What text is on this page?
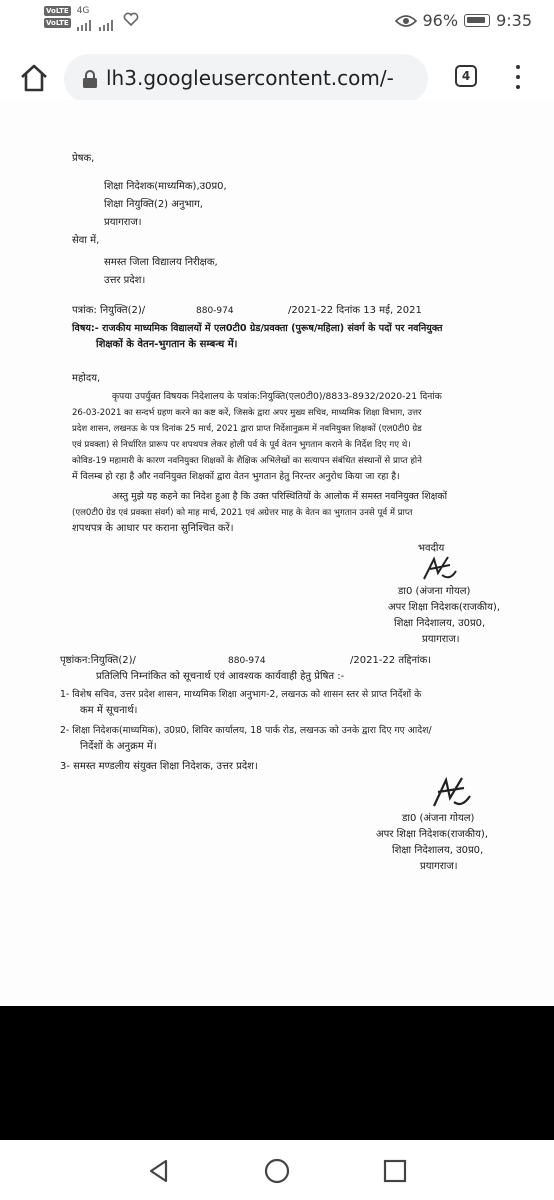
VoLTE
VoLTE
4G	96% 9:35
lh3.googleusercontent.com/-	4
प्रेषक,
शिक्षा निदेशक(माध्यमिक),उ0प्र0,
शिक्षा नियुक्ति(2) अनुभाग,
प्रयागराज।
सेवा में,
समस्त जिला विद्यालय निरीक्षक,
उत्तर प्रदेश।
पत्रांक: नियुक्ति(2)/	880-974	/2021-22 दिनांक 13 मई, 2021
विषय:- राजकीय माध्यमिक विद्यालयों में एल0टी0 ग्रेड/प्रवक्ता (पुरूष/महिला) संवर्ग के पदों पर नवनियुक्त
शिक्षकों के वेतन-भुगतान के सम्बन्ध में।
महोदय,
कृपया उपर्युक्त विषयक निदेशालय के पत्रांक:नियुक्ति(एल0टी0)/8833-8932/2020-21 दिनांक
26-03-2021 का सन्दर्भ ग्रहण करने का कष्ट करें, जिसके द्वारा अपर मुख्य सचिव, माध्यमिक शिक्षा विभाग, उत्तर
प्रदेश शासन, लखनऊ के पत्र दिनांक 25 मार्च, 2021 द्वारा प्राप्त निर्देशानुक्रम में नवनियुक्त शिक्षकों (एल0टी0 ग्रेड
एवं प्रवक्ता) से निर्धारित प्रारूप पर शपथपत्र लेकर होली पर्व के पूर्व वेतन भुगतान कराने के निर्देश दिए गए थे।
कोविड-19 महामारी के कारण नवनियुक्त शिक्षकों के शैक्षिक अभिलेखों का सत्यापन संबंधित संस्थानों से प्राप्त होने
में विलम्ब हो रहा है और नवनियुक्त शिक्षकों द्वारा वेतन भुगतान हेतु निरन्तर अनुरोध किया जा रहा है।
अस्तु मुझे यह कहने का निदेश हुआ है कि उक्त परिस्थितियों के आलोक में समस्त नवनियुक्त शिक्षकों
(एल0टी0 ग्रेड एवं प्रवक्ता संवर्ग) को माह मार्च, 2021 एवं अग्रेत्तर माह के वेतन का भुगतान उनसे पूर्व में प्राप्त
शपथपत्र के आधार पर कराना सुनिश्चित करें।
भवदीय
डा0 (अंजना गोयल)
अपर शिक्षा निदेशक(राजकीय),
शिक्षा निदेशालय, उ0प्र0,
प्रयागराज।
पृष्ठांकन:नियुक्ति(2)/	880-974	/2021-22 तद्दिनांक।
प्रतिलिपि निम्नांकित को सूचनार्थ एवं आवश्यक कार्यवाही हेतु प्रेषित :-
1- विशेष सचिव, उत्तर प्रदेश शासन, माध्यमिक शिक्षा अनुभाग-2, लखनऊ को शासन स्तर से प्राप्त निर्देशों के
कम में सूचनार्थ।
2- शिक्षा निदेशक(माध्यमिक), उ0प्र0, शिविर कार्यालय, 18 पार्क रोड, लखनऊ को उनके द्वारा दिए गए आदेश/
निर्देशों के अनुक्रम में।
3- समस्त मण्डलीय संयुक्त शिक्षा निदेशक, उत्तर प्रदेश।
डा0 (अंजना गोयल)
अपर शिक्षा निदेशक(राजकीय),
शिक्षा निदेशालय, उ0प्र0,
प्रयागराज।
